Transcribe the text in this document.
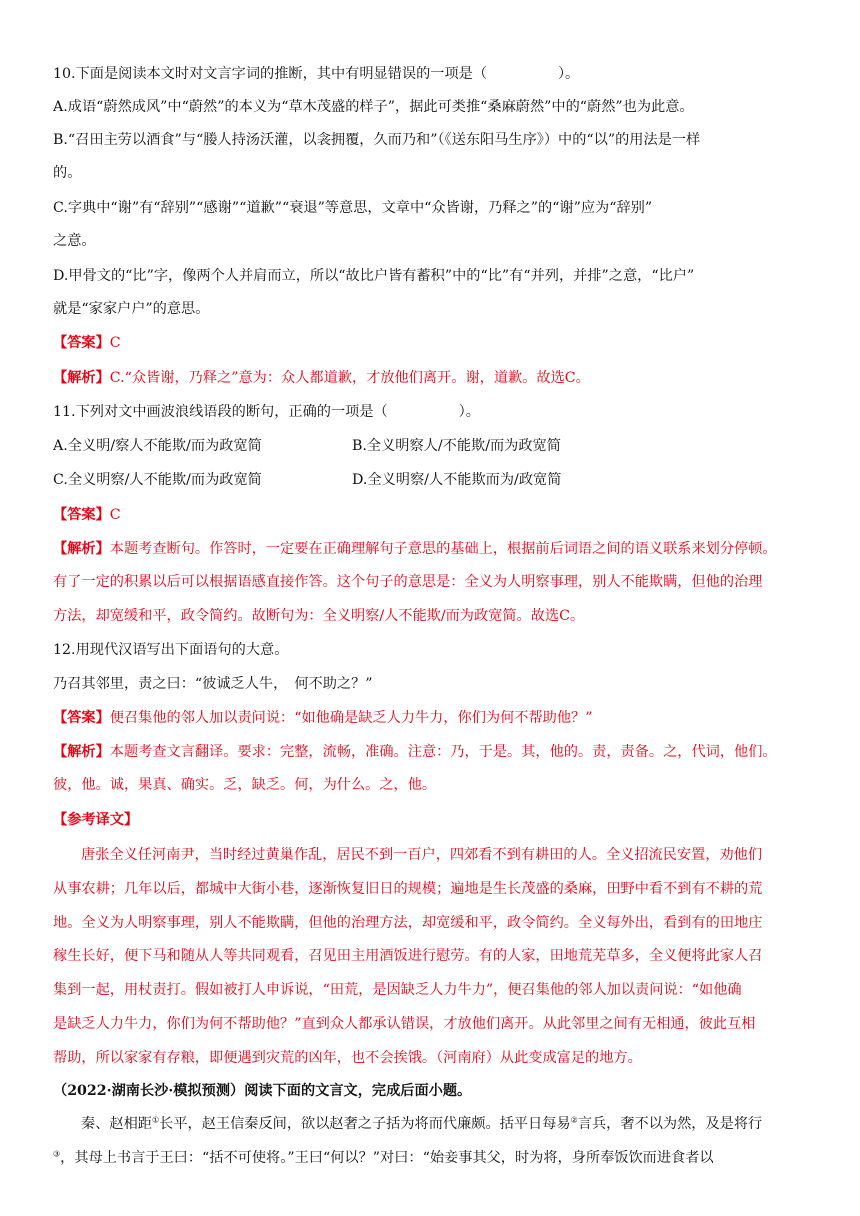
10.下面是阅读本文时对文言字词的推断，其中有明显错误的一项是（　　　　　）。
A.成语“蔚然成风”中“蔚然”的本义为“草木茂盛的样子”，据此可类推“桑麻蔚然”中的“蔚然”也为此意。
B.“召田主劳以酒食”与“媵人持汤沃灌，以衾拥覆，久而乃和”（《送东阳马生序》）中的“以”的用法是一样
的。
C.字典中“谢”有“辞别”“感谢”“道歉”“衰退”等意思，文章中“众皆谢，乃释之”的“谢”应为“辞别”
之意。
D.甲骨文的“比”字，像两个人并肩而立，所以“故比户皆有蓄积”中的“比”有“并列，并排”之意，“比户”
就是“家家户户”的意思。
【答案】C
【解析】C.“众皆谢，乃释之”意为：众人都道歉，才放他们离开。谢，道歉。故选C。
11.下列对文中画波浪线语段的断句，正确的一项是（　　　　　）。
A.全义明/察人不能欺/而为政宽简	B.全义明察人/不能欺/而为政宽简
C.全义明察/人不能欺/而为政宽简	D.全义明察/人不能欺而为/政宽简
【答案】C
【解析】本题考查断句。作答时，一定要在正确理解句子意思的基础上，根据前后词语之间的语义联系来划分停顿。
有了一定的积累以后可以根据语感直接作答。这个句子的意思是：全义为人明察事理，别人不能欺瞒，但他的治理
方法，却宽缓和平，政令简约。故断句为：全义明察/人不能欺/而为政宽简。故选C。
12.用现代汉语写出下面语句的大意。
乃召其邻里，责之曰：“彼诚乏人牛，　何不助之？”
【答案】便召集他的邻人加以责问说：“如他确是缺乏人力牛力，你们为何不帮助他？”
【解析】本题考查文言翻译。要求：完整，流畅，准确。注意：乃，于是。其，他的。责，责备。之，代词，他们。
彼，他。诚，果真、确实。乏，缺乏。何，为什么。之，他。
【参考译文】
唐张全义任河南尹，当时经过黄巢作乱，居民不到一百户，四郊看不到有耕田的人。全义招流民安置，劝他们
从事农耕；几年以后，都城中大街小巷，逐渐恢复旧日的规模；遍地是生长茂盛的桑麻，田野中看不到有不耕的荒
地。全义为人明察事理，别人不能欺瞒，但他的治理方法，却宽缓和平，政令简约。全义每外出，看到有的田地庄
稼生长好，便下马和随从人等共同观看，召见田主用酒饭进行慰劳。有的人家，田地荒芜草多，全义便将此家人召
集到一起，用杖责打。假如被打人申诉说，“田荒，是因缺乏人力牛力”，便召集他的邻人加以责问说：“如他确
是缺乏人力牛力，你们为何不帮助他？”直到众人都承认错误，才放他们离开。从此邻里之间有无相通，彼此互相
帮助，所以家家有存粮，即便遇到灾荒的凶年，也不会挨饿。（河南府）从此变成富足的地方。
（2022·湖南长沙·模拟预测）阅读下面的文言文，完成后面小题。
秦、赵相距①长平，赵王信秦反间，欲以赵奢之子括为将而代廉颇。括平日每易②言兵，奢不以为然，及是将行
③，其母上书言于王曰：“括不可使将。”王曰“何以？”对曰：“始妾事其父，时为将，身所奉饭饮而进食者以
